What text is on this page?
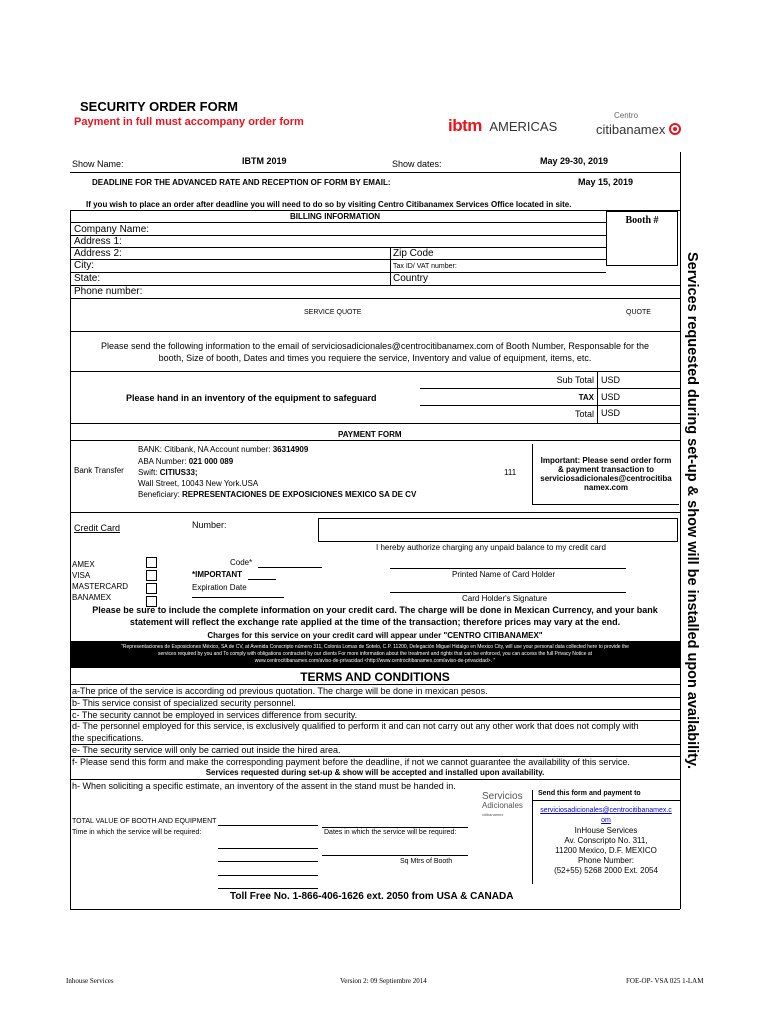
SECURITY ORDER FORM
Payment in full must accompany order form	ibtm AMERICAS
Centro
citibanamex
Show Name:	IBTM 2019	Show dates:	May 29-30, 2019
DEADLINE FOR THE ADVANCED RATE AND RECEPTION OF FORM BY EMAIL:	May 15, 2019
If you wish to place an order after deadline you will need to do so by visiting Centro Citibanamex Services Office located in site.
BILLING INFORMATION	Booth #
Company Name:
Address 1:
Address 2:	Zip Code
City:	Tax ID/ VAT number:
State:	Country
Phone number:
SERVICE QUOTE	QUOTE
Please send the following information to the email of serviciosadicionales@centrocitibanamex.com of Booth Number, Responsable for the
booth, Size of booth, Dates and times you requiere the service, Inventory and value of equipment, items, etc.
Please hand in an inventory of the equipment to safeguard
Sub Total USD
TAX USD
Total USD
PAYMENT FORM
Bank Transfer
BANK: Citibank, NA Account number: 36314909
ABA Number: 021 000 089
Swift: CITIUS33;
Wall Street, 10043 New York.USA
Beneficiary: REPRESENTACIONES DE EXPOSICIONES MEXICO SA DE CV
111
Important: Please send order form
& payment transaction to
serviciosadicionales@centrocitiba
namex.com
Credit Card	Number:
I hereby authorize charging any unpaid balance to my credit card
AMEX
VISA
MASTERCARD
BANAMEX
Code*
*IMPORTANT
Expiration Date
Printed Name of Card Holder
Card Holder's Signature
Please be sure to include the complete information on your credit card. The charge will be done in Mexican Currency, and your bank
statement will reflect the exchange rate applied at the time of the transaction; therefore prices may vary at the end.
Charges for this service on your credit card will appear under "CENTRO CITIBANAMEX"
"Representaciones de Exposiciones México, SA de CV, at Avenida Conscripto número 311, Colonia Lomas de Sotelo, C.P. 11200, Delegación Miguel Hidalgo en Mexico City, will use your personal data collected here to provide the
services required by you and To comply with obligations contracted by our clients For more information about the treatment and rights that can be enforced, you can access the full Privacy Notice at
www.centrocitibanamex.com/aviso-de-privacidad <http://www.centrocitibanamex.com/aviso-de-privacidad>. "
TERMS AND CONDITIONS
a-The price of the service is according od previous quotation. The charge will be done in mexican pesos.
b- This service consist of specialized security personnel.
c- The security cannot be employed in services difference from security.
d- The personnel employed for this service, is exclusively qualified to perform it and can not carry out any other work that does not comply with
the specifications.
e- The security service will only be carried out inside the hired area.
f- Please send this form and make the corresponding payment before the deadline, if not we cannot guarantee the availability of this service.
Services requested during set-up & show will be accepted and installed upon availability.
h- When soliciting a specific estimate, an inventory of the assent in the stand must be handed in.
Servicios
Adicionales
citibanamex
Send this form and payment to
serviciosadicionales@centrocitibanamex.c
om
InHouse Services
Av. Conscripto No. 311,
11200 Mexico, D.F. MEXICO
Phone Number:
(52+55) 5268 2000 Ext. 2054
TOTAL VALUE OF BOOTH AND EQUIPMENT
Time in which the service will be required:	Dates in which the service will be required:
Sq Mtrs of Booth
Toll Free No. 1-866-406-1626 ext. 2050 from USA & CANADA
Services requested during set-up & show will be installed upon availability.
Inhouse Services	Version 2: 09 Septiembre 2014	FOE-OP- VSA 025 1-LAM
